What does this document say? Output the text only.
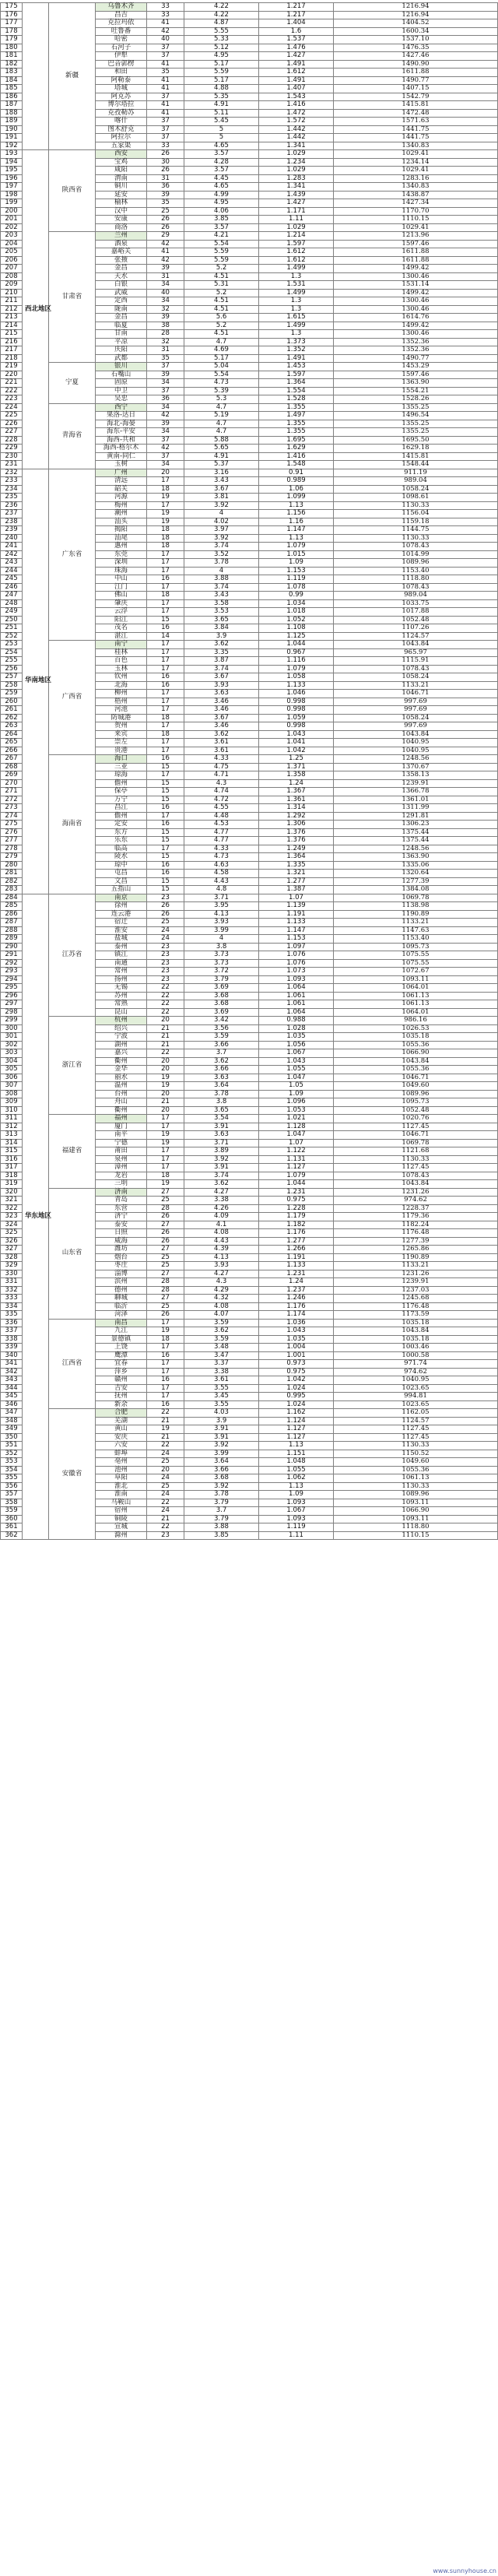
175		新疆	乌鲁木齐	33	4.22	1.217	1216.94
176			昌吉	33	4.22	1.217	1216.94
177			克拉玛依	41	4.87	1.404	1404.52
178			吐鲁番	42	5.55	1.6	1600.34
179			哈密	40	5.33	1.537	1537.10
180			石河子	37	5.12	1.476	1476.35
181			伊犁	37	4.95	1.427	1427.46
182			巴音郭楞	41	5.17	1.491	1490.90
183			和田	35	5.59	1.612	1611.88
184			阿勒泰	41	5.17	1.491	1490.77
185			塔城	41	4.88	1.407	1407.15
186			阿克苏	37	5.35	1.543	1542.79
187			博尔塔拉	41	4.91	1.416	1415.81
188			克孜勒苏	41	5.11	1.472	1472.48
189			喀什	37	5.45	1.572	1571.63
190			图木舒克	37	5	1.442	1441.75
191			阿拉尔	37	5	1.442	1441.75
192			五家渠	33	4.65	1.341	1340.83
193	西北地区	陕西省	西安	26	3.57	1.029	1029.41
194			宝鸡	30	4.28	1.234	1234.14
195			咸阳	26	3.57	1.029	1029.41
196			渭南	31	4.45	1.283	1283.16
197			铜川	36	4.65	1.341	1340.83
198			延安	39	4.99	1.439	1438.87
199			榆林	35	4.95	1.427	1427.34
200			汉中	25	4.06	1.171	1170.70
201			安康	26	3.85	1.11	1110.15
202			商洛	26	3.57	1.029	1029.41
203		甘肃省	兰州	29	4.21	1.214	1213.96
204			酒泉	42	5.54	1.597	1597.46
205			嘉峪关	41	5.59	1.612	1611.88
206			张掖	42	5.59	1.612	1611.88
207			金昌	39	5.2	1.499	1499.42
208			天水	31	4.51	1.3	1300.46
209			白银	34	5.31	1.531	1531.14
210			武威	40	5.2	1.499	1499.42
211			定西	34	4.51	1.3	1300.46
212			陇南	32	4.51	1.3	1300.46
213			金昌	39	5.6	1.615	1614.76
214			临夏	38	5.2	1.499	1499.42
215			甘南	28	4.51	1.3	1300.46
216			平凉	32	4.7	1.373	1352.36
217			庆阳	31	4.69	1.352	1352.36
218			武都	35	5.17	1.491	1490.77
219		宁夏	银川	37	5.04	1.453	1453.29
220			石嘴山	39	5.54	1.597	1597.46
221			固原	34	4.73	1.364	1363.90
222			中卫	37	5.39	1.554	1554.21
223			吴忠	36	5.3	1.528	1528.26
224		青海省	西宁	34	4.7	1.355	1355.25
225			果洛-达日	42	5.19	1.497	1496.54
226			海北-海晏	39	4.7	1.355	1355.25
227			海东-平安	34	4.7	1.355	1355.25
228			海西-共和	37	5.88	1.695	1695.50
229			海西-格尔木	42	5.65	1.629	1629.18
230			黄南-同仁	37	4.91	1.416	1415.81
231			玉树	34	5.37	1.548	1548.44
232	华南地区	广东省	广州	20	3.16	0.91	911.19
233			清远	17	3.43	0.989	989.04
234			韶关	18	3.67	1.06	1058.24
235			河源	19	3.81	1.099	1098.61
236			梅州	17	3.92	1.13	1130.33
237			潮州	19	4	1.156	1156.04
238			汕头	19	4.02	1.16	1159.18
239			揭阳	18	3.97	1.147	1144.75
240			汕尾	18	3.92	1.13	1130.33
241			惠州	18	3.74	1.079	1078.43
242			东莞	17	3.52	1.015	1014.99
243			深圳	17	3.78	1.09	1089.96
244			珠海	17	4	1.153	1153.40
245			中山	16	3.88	1.119	1118.80
246			江门	17	3.74	1.078	1078.43
247			佛山	18	3.43	0.99	989.04
248			肇庆	17	3.58	1.034	1033.75
249			云浮	17	3.53	1.018	1017.88
250			阳江	15	3.65	1.052	1052.48
251			茂名	16	3.84	1.108	1107.26
252			湛江	14	3.9	1.125	1124.57
253		广西省	南宁	17	3.62	1.044	1043.84
254			桂林	17	3.35	0.967	965.97
255			百色	17	3.87	1.116	1115.91
256			玉林	17	3.74	1.079	1078.43
257			钦州	16	3.67	1.058	1058.24
258			北海	16	3.93	1.133	1133.21
259			柳州	17	3.63	1.046	1046.71
260			梧州	17	3.46	0.998	997.69
261			河池	17	3.46	0.998	997.69
262			防城港	18	3.67	1.059	1058.24
263			贺州	17	3.46	0.998	997.69
264			来宾	18	3.62	1.043	1043.84
265			崇左	17	3.61	1.041	1040.95
266			贵港	17	3.61	1.042	1040.95
267		海南省	海口	16	4.33	1.25	1248.56
268			三亚	15	4.75	1.371	1370.67
269			琼海	17	4.71	1.358	1358.13
270			儋州	15	4.3	1.24	1239.91
271			保亭	15	4.74	1.367	1366.78
272			万宁	15	4.72	1.361	1361.01
273			昌江	16	4.55	1.314	1311.99
274			儋州	17	4.48	1.292	1291.81
275			定安	16	4.53	1.306	1306.23
276			东方	15	4.77	1.376	1375.44
277			乐东	15	4.77	1.376	1375.44
278			临高	17	4.33	1.249	1248.56
279			陵水	15	4.73	1.364	1363.90
280			琼中	16	4.63	1.335	1335.06
281			屯昌	16	4.58	1.321	1320.64
282			文昌	15	4.43	1.277	1277.39
283			五指山	15	4.8	1.387	1384.08
284	华东地区	江苏省	南京	23	3.71	1.07	1069.78
285			徐州	26	3.95	1.139	1138.98
286			连云港	26	4.13	1.191	1190.89
287			宿迁	25	3.93	1.133	1133.21
288			淮安	24	3.99	1.147	1147.63
289			盐城	24	4	1.153	1153.40
290			泰州	23	3.8	1.097	1095.73
291			镇江	23	3.73	1.076	1075.55
292			南通	23	3.73	1.076	1075.55
293			常州	23	3.72	1.073	1072.67
294			扬州	23	3.79	1.093	1093.11
295			无锡	22	3.69	1.064	1064.01
296			苏州	22	3.68	1.061	1061.13
297			常熟	22	3.68	1.061	1061.13
298			昆山	22	3.69	1.064	1064.01
299		浙江省	杭州	20	3.42	0.988	986.16
300			绍兴	21	3.56	1.028	1026.53
301			宁波	21	3.59	1.035	1035.18
302			湖州	21	3.66	1.056	1055.36
303			嘉兴	22	3.7	1.067	1066.90
304			衢州	20	3.62	1.043	1043.84
305			金华	20	3.66	1.055	1055.36
306			丽水	19	3.63	1.047	1046.71
307			温州	19	3.64	1.05	1049.60
308			台州	20	3.78	1.09	1089.96
309			舟山	21	3.8	1.096	1095.73
310			衢州	20	3.65	1.053	1052.48
311		福建省	福州	17	3.54	1.021	1020.76
312			厦门	17	3.91	1.128	1127.45
313			南平	19	3.63	1.047	1046.71
314			宁德	19	3.71	1.07	1069.78
315			莆田	17	3.89	1.122	1121.68
316			泉州	17	3.92	1.131	1130.33
317			漳州	17	3.91	1.127	1127.45
318			龙岩	18	3.74	1.079	1078.43
319			三明	19	3.62	1.044	1043.84
320		山东省	济南	27	4.27	1.231	1231.26
321			青岛	25	3.38	0.975	974.62
322			东营	28	4.26	1.228	1228.37
323			济宁	26	4.09	1.179	1179.36
324			泰安	27	4.1	1.182	1182.24
325			日照	26	4.08	1.176	1176.48
326			威海	26	4.43	1.277	1277.39
327			潍坊	27	4.39	1.266	1265.86
328			烟台	25	4.13	1.191	1190.89
329			枣庄	25	3.93	1.133	1133.21
330			淄博	27	4.27	1.231	1231.26
331			滨州	28	4.3	1.24	1239.91
332			德州	28	4.29	1.237	1237.03
333			聊城	27	4.32	1.246	1245.68
334			临沂	25	4.08	1.176	1176.48
335			菏泽	26	4.07	1.174	1173.59
336		江西省	南昌	17	3.59	1.036	1035.18
337			九江	19	3.62	1.043	1043.84
338			景德镇	18	3.59	1.035	1035.18
339			上饶	17	3.48	1.004	1003.46
340			鹰潭	16	3.47	1.001	1000.58
341			宜春	17	3.37	0.973	971.74
342			萍乡	17	3.38	0.975	974.62
343			赣州	16	3.61	1.042	1040.95
344			吉安	17	3.55	1.024	1023.65
345			抚州	17	3.45	0.995	994.81
346			新余	16	3.55	1.024	1023.65
347		安徽省	合肥	22	4.03	1.162	1162.05
348			芜湖	21	3.9	1.124	1124.57
349			黄山	19	3.91	1.127	1127.45
350			安庆	21	3.91	1.127	1127.45
351			六安	22	3.92	1.13	1130.33
352			蚌埠	24	3.99	1.151	1150.52
353			亳州	25	3.64	1.048	1049.60
354			池州	20	3.66	1.055	1055.36
355			阜阳	24	3.68	1.062	1061.13
356			淮北	25	3.92	1.13	1130.33
357			淮南	24	3.78	1.09	1089.96
358			马鞍山	22	3.79	1.093	1093.11
359			宿州	24	3.7	1.067	1066.90
360			铜陵	21	3.79	1.093	1093.11
361			宣城	22	3.88	1.119	1118.80
362			滁州	23	3.85	1.11	1110.15
www.sunnyhouse.cn
